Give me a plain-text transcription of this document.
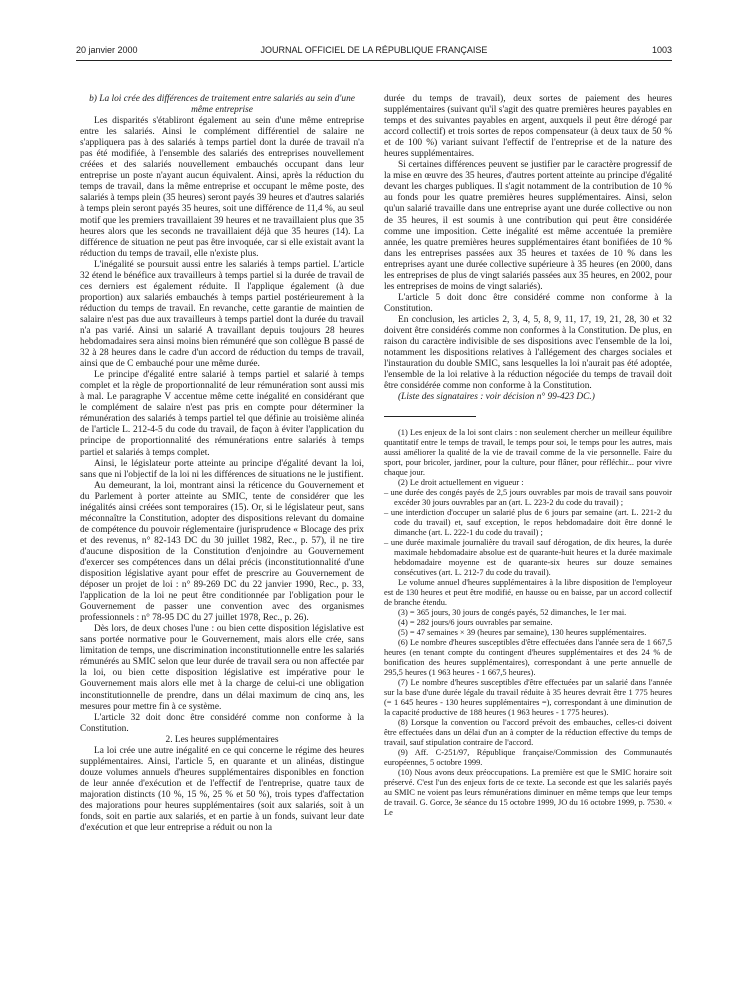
20 janvier 2000	JOURNAL OFFICIEL DE LA RÉPUBLIQUE FRANÇAISE	1003

b) La loi crée des différences de traitement entre salariés au sein d'une même entreprise

Les disparités s'établiront également au sein d'une même entreprise entre les salariés. Ainsi le complément différentiel de salaire ne s'appliquera pas à des salariés à temps partiel dont la durée de travail n'a pas été modifiée, à l'ensemble des salariés des entreprises nouvellement créées et des salariés nouvellement embauchés occupant dans leur entreprise un poste n'ayant aucun équivalent. Ainsi, après la réduction du temps de travail, dans la même entreprise et occupant le même poste, des salariés à temps plein (35 heures) seront payés 39 heures et d'autres salariés à temps plein seront payés 35 heures, soit une différence de 11,4 %, au seul motif que les premiers travaillaient 39 heures et ne travaillaient plus que 35 heures alors que les seconds ne travaillaient déjà que 35 heures (14). La différence de situation ne peut pas être invoquée, car si elle existait avant la réduction du temps de travail, elle n'existe plus.

L'inégalité se poursuit aussi entre les salariés à temps partiel. L'article 32 étend le bénéfice aux travailleurs à temps partiel si la durée de travail de ces derniers est également réduite. Il l'applique également (à due proportion) aux salariés embauchés à temps partiel postérieurement à la réduction du temps de travail. En revanche, cette garantie de maintien de salaire n'est pas due aux travailleurs à temps partiel dont la durée du travail n'a pas varié. Ainsi un salarié A travaillant depuis toujours 28 heures hebdomadaires sera ainsi moins bien rémunéré que son collègue B passé de 32 à 28 heures dans le cadre d'un accord de réduction du temps de travail, ainsi que de C embauché pour une même durée.

Le principe d'égalité entre salarié à temps partiel et salarié à temps complet et la règle de proportionnalité de leur rémunération sont aussi mis à mal. Le paragraphe V accentue même cette inégalité en considérant que le complément de salaire n'est pas pris en compte pour déterminer la rémunération des salariés à temps partiel tel que définie au troisième alinéa de l'article L. 212-4-5 du code du travail, de façon à éviter l'application du principe de proportionnalité des rémunérations entre salariés à temps partiel et salariés à temps complet.

Ainsi, le législateur porte atteinte au principe d'égalité devant la loi, sans que ni l'objectif de la loi ni les différences de situations ne le justifient.

Au demeurant, la loi, montrant ainsi la réticence du Gouvernement et du Parlement à porter atteinte au SMIC, tente de considérer que les inégalités ainsi créées sont temporaires (15). Or, si le législateur peut, sans méconnaître la Constitution, adopter des dispositions relevant du domaine de compétence du pouvoir réglementaire (jurisprudence « Blocage des prix et des revenus, n° 82-143 DC du 30 juillet 1982, Rec., p. 57), il ne tire d'aucune disposition de la Constitution d'enjoindre au Gouvernement d'exercer ses compétences dans un délai précis (inconstitutionnalité d'une disposition législative ayant pour effet de prescrire au Gouvernement de déposer un projet de loi : n° 89-269 DC du 22 janvier 1990, Rec., p. 33, l'application de la loi ne peut être conditionnée par l'obligation pour le Gouvernement de passer une convention avec des organismes professionnels : n° 78-95 DC du 27 juillet 1978, Rec., p. 26).

Dès lors, de deux choses l'une : ou bien cette disposition législative est sans portée normative pour le Gouvernement, mais alors elle crée, sans limitation de temps, une discrimination inconstitutionnelle entre les salariés rémunérés au SMIC selon que leur durée de travail sera ou non affectée par la loi, ou bien cette disposition législative est impérative pour le Gouvernement mais alors elle met à la charge de celui-ci une obligation inconstitutionnelle de prendre, dans un délai maximum de cinq ans, les mesures pour mettre fin à ce système.

L'article 32 doit donc être considéré comme non conforme à la Constitution.

2. Les heures supplémentaires

La loi crée une autre inégalité en ce qui concerne le régime des heures supplémentaires. Ainsi, l'article 5, en quarante et un alinéas, distingue douze volumes annuels d'heures supplémentaires disponibles en fonction de leur année d'exécution et de l'effectif de l'entreprise, quatre taux de majoration distincts (10 %, 15 %, 25 % et 50 %), trois types d'affectation des majorations pour heures supplémentaires (soit aux salariés, soit à un fonds, soit en partie aux salariés, et en partie à un fonds, suivant leur date d'exécution et que leur entreprise a réduit ou non la

durée du temps de travail), deux sortes de paiement des heures supplémentaires (suivant qu'il s'agit des quatre premières heures payables en temps et des suivantes payables en argent, auxquels il peut être dérogé par accord collectif) et trois sortes de repos compensateur (à deux taux de 50 % et de 100 %) variant suivant l'effectif de l'entreprise et de la nature des heures supplémentaires.

Si certaines différences peuvent se justifier par le caractère progressif de la mise en œuvre des 35 heures, d'autres portent atteinte au principe d'égalité devant les charges publiques. Il s'agit notamment de la contribution de 10 % au fonds pour les quatre premières heures supplémentaires. Ainsi, selon qu'un salarié travaille dans une entreprise ayant une durée collective ou non de 35 heures, il est soumis à une contribution qui peut être considérée comme une imposition. Cette inégalité est même accentuée la première année, les quatre premières heures supplémentaires étant bonifiées de 10 % dans les entreprises passées aux 35 heures et taxées de 10 % dans les entreprises ayant une durée collective supérieure à 35 heures (en 2000, dans les entreprises de plus de vingt salariés passées aux 35 heures, en 2002, pour les entreprises de moins de vingt salariés).

L'article 5 doit donc être considéré comme non conforme à la Constitution.

En conclusion, les articles 2, 3, 4, 5, 8, 9, 11, 17, 19, 21, 28, 30 et 32 doivent être considérés comme non conformes à la Constitution. De plus, en raison du caractère indivisible de ses dispositions avec l'ensemble de la loi, notamment les dispositions relatives à l'allégement des charges sociales et l'instauration du double SMIC, sans lesquelles la loi n'aurait pas été adoptée, l'ensemble de la loi relative à la réduction négociée du temps de travail doit être considérée comme non conforme à la Constitution.

(Liste des signataires : voir décision n° 99-423 DC.)

(1) Les enjeux de la loi sont clairs : non seulement chercher un meilleur équilibre quantitatif entre le temps de travail, le temps pour soi, le temps pour les autres, mais aussi améliorer la qualité de la vie de travail comme de la vie personnelle. Faire du sport, pour bricoler, jardiner, pour la culture, pour flâner, pour réfléchir... pour vivre chaque jour.

(2) Le droit actuellement en vigueur :

– une durée des congés payés de 2,5 jours ouvrables par mois de travail sans pouvoir excéder 30 jours ouvrables par an (art. L. 223-2 du code du travail) ;
– une interdiction d'occuper un salarié plus de 6 jours par semaine (art. L. 221-2 du code du travail) et, sauf exception, le repos hebdomadaire doit être donné le dimanche (art. L. 222-1 du code du travail) ;
– une durée maximale journalière du travail sauf dérogation, de dix heures, la durée maximale hebdomadaire absolue est de quarante-huit heures et la durée maximale hebdomadaire moyenne est de quarante-six heures sur douze semaines consécutives (art. L. 212-7 du code du travail).

Le volume annuel d'heures supplémentaires à la libre disposition de l'employeur est de 130 heures et peut être modifié, en hausse ou en baisse, par un accord collectif de branche étendu.

(3) = 365 jours, 30 jours de congés payés, 52 dimanches, le 1er mai.

(4) = 282 jours/6 jours ouvrables par semaine.

(5) = 47 semaines × 39 (heures par semaine), 130 heures supplémentaires.

(6) Le nombre d'heures susceptibles d'être effectuées dans l'année sera de 1 667,5 heures (en tenant compte du contingent d'heures supplémentaires et des 24 % de bonification des heures supplémentaires), correspondant à une perte annuelle de 295,5 heures (1 963 heures - 1 667,5 heures).

(7) Le nombre d'heures susceptibles d'être effectuées par un salarié dans l'année sur la base d'une durée légale du travail réduite à 35 heures devrait être 1 775 heures (= 1 645 heures - 130 heures supplémentaires =), correspondant à une diminution de la capacité productive de 188 heures (1 963 heures - 1 775 heures).

(8) Lorsque la convention ou l'accord prévoit des embauches, celles-ci doivent être effectuées dans un délai d'un an à compter de la réduction effective du temps de travail, sauf stipulation contraire de l'accord.

(9) Aff. C-251/97, République française/Commission des Communautés européennes, 5 octobre 1999.

(10) Nous avons deux préoccupations. La première est que le SMIC horaire soit préservé. C'est l'un des enjeux forts de ce texte. La seconde est que les salariés payés au SMIC ne voient pas leurs rémunérations diminuer en même temps que leur temps de travail. G. Gorce, 3e séance du 15 octobre 1999, JO du 16 octobre 1999, p. 7530. « Le
